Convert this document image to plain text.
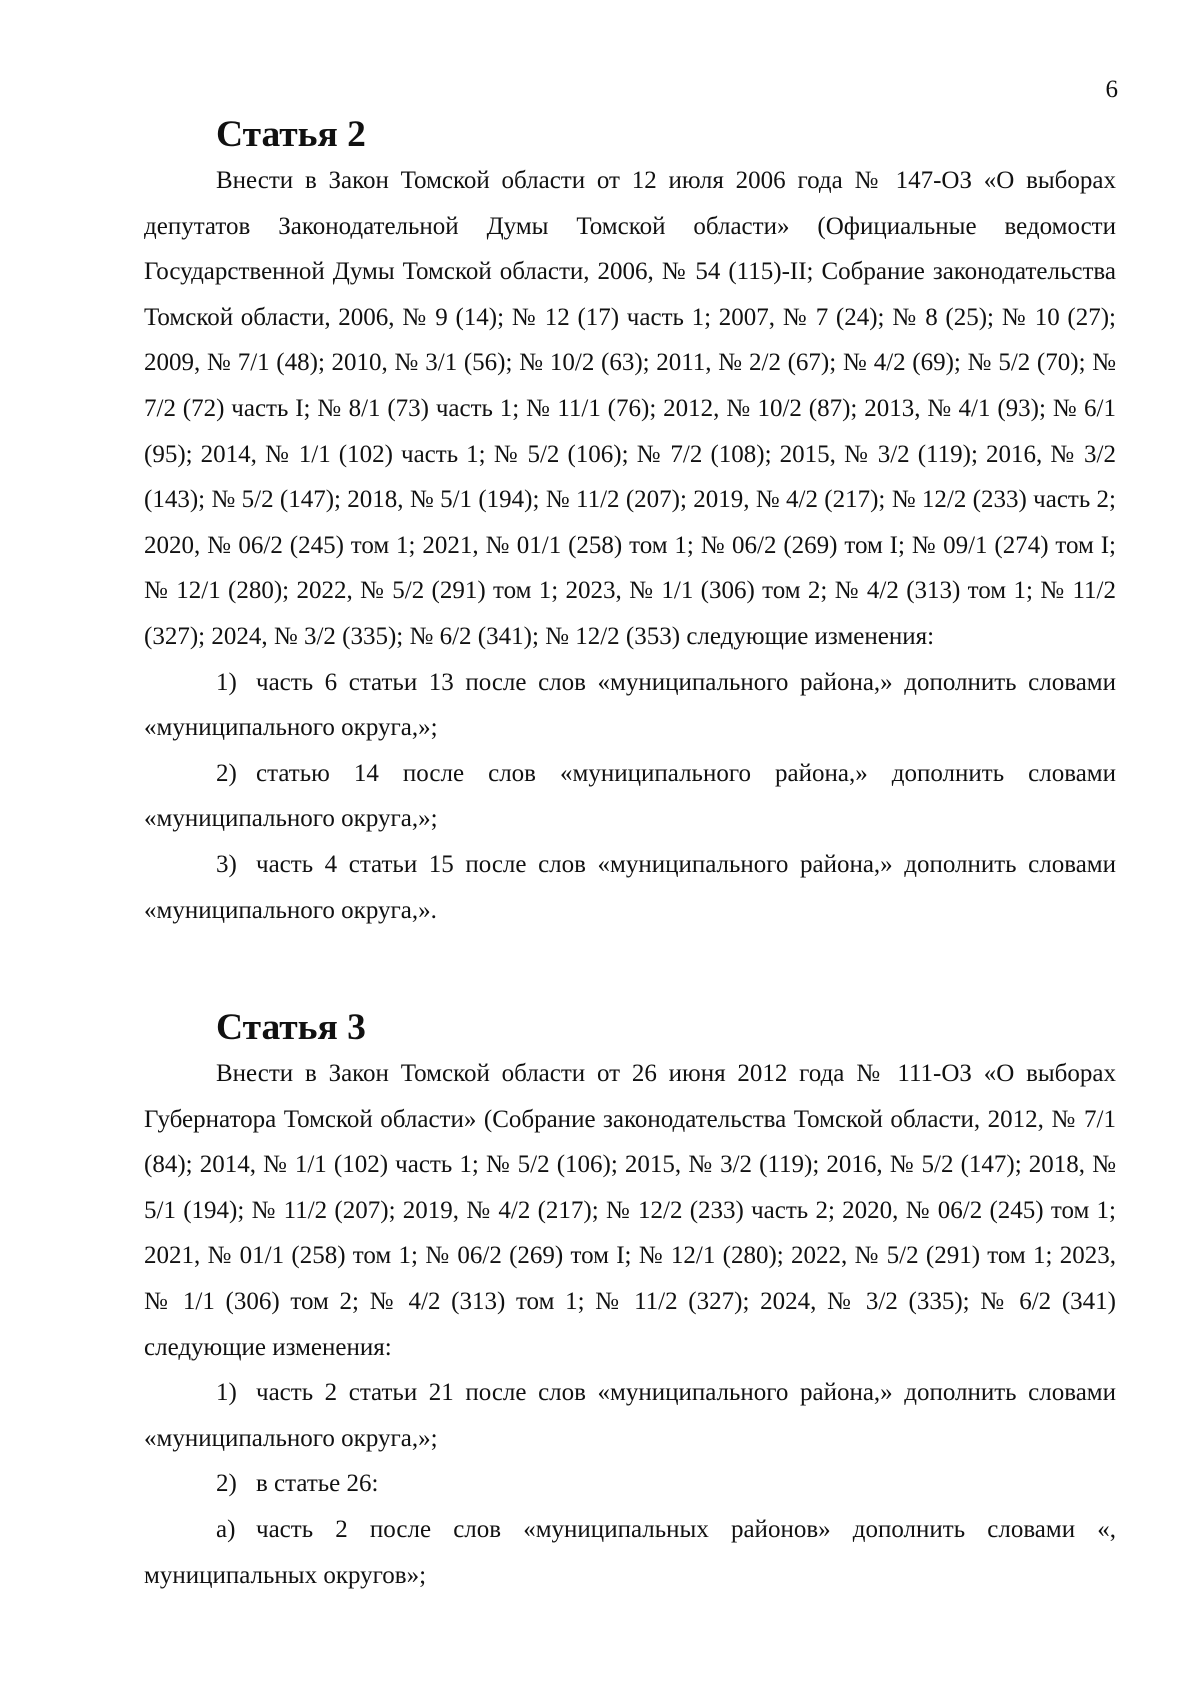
6
Статья 2

Внести в Закон Томской области от 12 июля 2006 года № 147-ОЗ «О выборах депутатов Законодательной Думы Томской области» (Официальные ведомости Государственной Думы Томской области, 2006, № 54 (115)-II; Собрание законодательства Томской области, 2006, № 9 (14); № 12 (17) часть 1; 2007, № 7 (24); № 8 (25); № 10 (27); 2009, № 7/1 (48); 2010, № 3/1 (56); № 10/2 (63); 2011, № 2/2 (67); № 4/2 (69); № 5/2 (70); № 7/2 (72) часть I; № 8/1 (73) часть 1; № 11/1 (76); 2012, № 10/2 (87); 2013, № 4/1 (93); № 6/1 (95); 2014, № 1/1 (102) часть 1; № 5/2 (106); № 7/2 (108); 2015, № 3/2 (119); 2016, № 3/2 (143); № 5/2 (147); 2018, № 5/1 (194); № 11/2 (207); 2019, № 4/2 (217); № 12/2 (233) часть 2; 2020, № 06/2 (245) том 1; 2021, № 01/1 (258) том 1; № 06/2 (269) том I; № 09/1 (274) том I; № 12/1 (280); 2022, № 5/2 (291) том 1; 2023, № 1/1 (306) том 2; № 4/2 (313) том 1; № 11/2 (327); 2024, № 3/2 (335); № 6/2 (341); № 12/2 (353) следующие изменения:

1) часть 6 статьи 13 после слов «муниципального района,» дополнить словами «муниципального округа,»;

2) статью 14 после слов «муниципального района,» дополнить словами «муниципального округа,»;

3) часть 4 статьи 15 после слов «муниципального района,» дополнить словами «муниципального округа,».

Статья 3

Внести в Закон Томской области от 26 июня 2012 года № 111-ОЗ «О выборах Губернатора Томской области» (Собрание законодательства Томской области, 2012, № 7/1 (84); 2014, № 1/1 (102) часть 1; № 5/2 (106); 2015, № 3/2 (119); 2016, № 5/2 (147); 2018, № 5/1 (194); № 11/2 (207); 2019, № 4/2 (217); № 12/2 (233) часть 2; 2020, № 06/2 (245) том 1; 2021, № 01/1 (258) том 1; № 06/2 (269) том I; № 12/1 (280); 2022, № 5/2 (291) том 1; 2023, № 1/1 (306) том 2; № 4/2 (313) том 1; № 11/2 (327); 2024, № 3/2 (335); № 6/2 (341) следующие изменения:

1) часть 2 статьи 21 после слов «муниципального района,» дополнить словами «муниципального округа,»;

2) в статье 26:

а) часть 2 после слов «муниципальных районов» дополнить словами «, муниципальных округов»;
